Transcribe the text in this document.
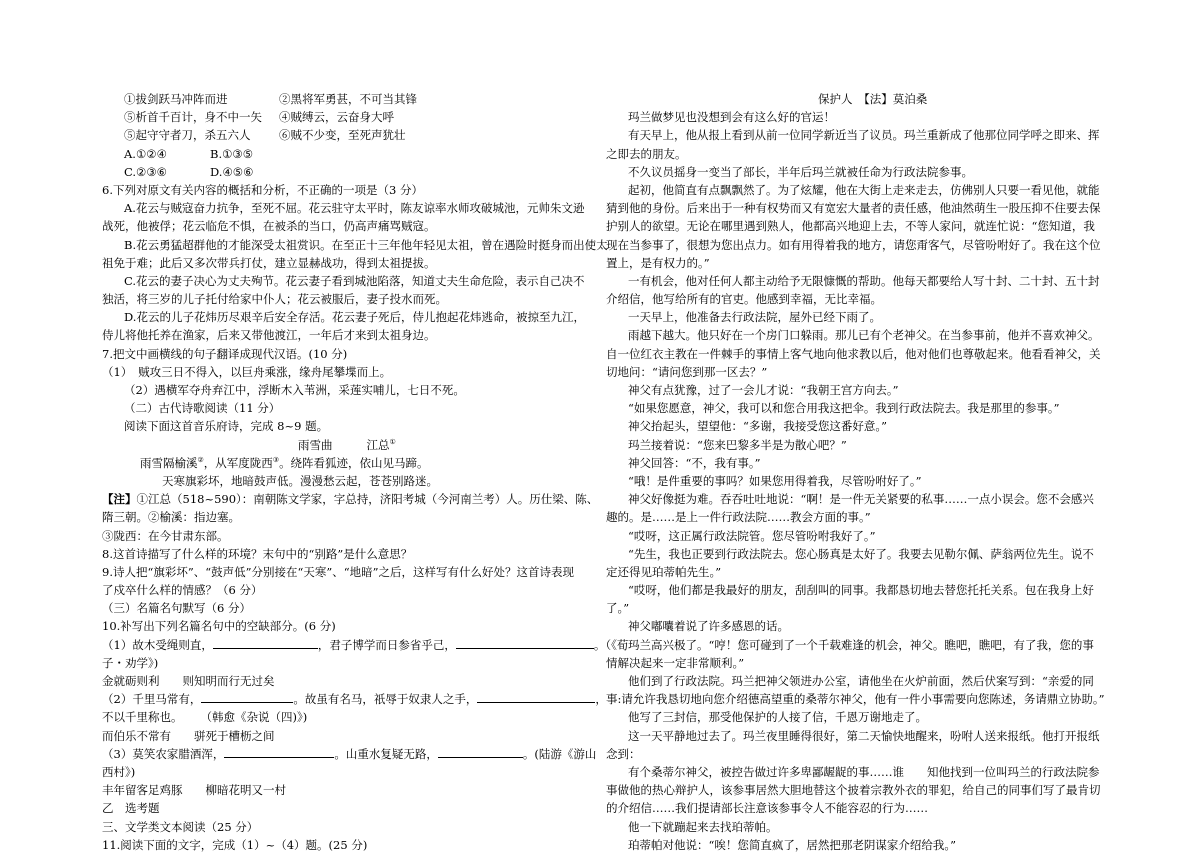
①拔剑跃马冲阵而进	②黑将军勇甚，不可当其锋
⑤析首千百计，身不中一矢	④贼缚云，云奋身大呼
⑤起守守者刀，杀五六人	⑥贼不少变，至死声犹壮
A.①②④	B.①③⑤
C.②③⑥	D.④⑤⑥
6.下列对原文有关内容的概括和分析，不正确的一项是（3 分）
A.花云与贼寇奋力抗争，至死不屈。花云驻守太平时，陈友谅率水师攻破城池，元帅朱文逊
战死，他被俘；花云临危不惧，在被杀的当口，仍高声痛骂贼寇。
B.花云勇猛超群他的才能深受太祖赏识。在至正十三年他年轻见太祖，曾在遇险时挺身而出使太
祖免于难；此后又多次带兵打仗，建立显赫战功，得到太祖提拔。
C.花云的妻子决心为丈夫殉节。花云妻子看到城池陷落，知道丈夫生命危险，表示自己决不
独活，将三岁的儿子托付给家中仆人；花云被服后，妻子投水而死。
D.花云的儿子花炜历尽艰辛后安全存活。花云妻子死后，侍儿抱起花炜逃命，被掠至九江，
侍儿将他托养在渔家，后来又带他渡江，一年后才来到太祖身边。
7.把文中画横线的句子翻译成现代汉语。(10 分)
（1）　贼攻三日不得入，以巨舟乘涨，缘舟尾攀堞而上。
（2）遇横军夺舟弃江中，浮断木入苇洲，采莲实哺儿，七日不死。
（二）古代诗歌阅读（11 分）
阅读下面这首音乐府诗，完成 8~9 题。
雨雪曲	江总①
雨雪隔榆溪②，从军度陇西③。绕阵看狐迹，依山见马蹄。
天寒旗彩坏，地暗鼓声低。漫漫愁云起，苍苍别路迷。
【注】①江总（518~590）：南朝陈文学家，字总持，济阳考城（今河南兰考）人。历仕梁、陈、
隋三朝。②榆溪：指边塞。
③陇西：在今甘肃东部。
8.这首诗描写了什么样的环境？末句中的“别路”是什么意思？
9.诗人把“旗彩坏”、“鼓声低”分别接在“天寒”、“地暗”之后，这样写有什么好处？这首诗表现
了戍卒什么样的情感？（6 分）
（三）名篇名句默写（6 分）
10.补写出下列名篇名句中的空缺部分。(6 分)
（1）故木受绳则直，	，君子博学而日参省乎己，	。（《荀
子・劝学》)
金就砺则利　　则知明而行无过矣
（2）千里马常有，	。故虽有名马，祇辱于奴隶人之手，	，
不以千里称也。 （韩愈《杂说（四)》)
而伯乐不常有　　骈死于槽枥之间
（3）莫笑农家腊酒浑，	。山重水复疑无路，	。(陆游《游山
西村》)
丰年留客足鸡豚　　柳暗花明又一村
乙　选考题
三、文学类文本阅读（25 分）
11.阅读下面的文字，完成（1）~（4）题。(25 分)
保护人　【法】莫泊桑
玛兰做梦见也没想到会有这么好的官运！
有天早上，他从报上看到从前一位同学新近当了议员。玛兰重新成了他那位同学呼之即来、挥
之即去的朋友。
不久议员摇身一变当了部长，半年后玛兰就被任命为行政法院参事。
起初，他简直有点飘飘然了。为了炫耀，他在大街上走来走去，仿佛别人只要一看见他，就能
猜到他的身份。后来出于一种有权势而又有宽宏大量者的责任感，他油然萌生一股压抑不住要去保
护别人的欲望。无论在哪里遇到熟人，他都高兴地迎上去，不等人家问，就连忙说：“您知道，我
现在当参事了，很想为您出点力。如有用得着我的地方，请您甭客气，尽管吩咐好了。我在这个位
置上，是有权力的。”
一有机会，他对任何人都主动给予无限慷慨的帮助。他每天都要给人写十封、二十封、五十封
介绍信，他写给所有的官吏。他感到幸福，无比幸福。
一天早上，他准备去行政法院，屋外已经下雨了。
雨越下越大。他只好在一个房门口躲雨。那儿已有个老神父。在当参事前，他并不喜欢神父。
自一位红衣主教在一件棘手的事情上客气地向他求教以后，他对他们也尊敬起来。他看看神父，关
切地问：“请问您到那一区去？”
神父有点犹豫，过了一会儿才说：“我朝王宫方向去。”
“如果您愿意，神父，我可以和您合用我这把伞。我到行政法院去。我是那里的参事。”
神父抬起头，望望他：“多谢，我接受您这番好意。”
玛兰接着说：“您来巴黎多半是为散心吧？”
神父回答：“不，我有事。”
“哦！是件重要的事吗？如果您用得着我，尽管吩咐好了。”
神父好像挺为难。吞吞吐吐地说：“啊！是一件无关紧要的私事……一点小误会。您不会感兴
趣的。是……是上一件行政法院……教会方面的事。”
“哎呀，这正属行政法院管。您尽管吩咐我好了。”
“先生，我也正要到行政法院去。您心肠真是太好了。我要去见勒尔佩、萨翁两位先生。说不
定还得见珀蒂帕先生。”
“哎呀，他们都是我最好的朋友，刮刮叫的同事。我都恳切地去替您托托关系。包在我身上好
了。”
神父嘟囔着说了许多感恩的话。
玛兰高兴极了。“哼！您可碰到了一个千载难逢的机会，神父。瞧吧，瞧吧，有了我，您的事
情解决起来一定非常顺利。”
他们到了行政法院。玛兰把神父领进办公室，请他坐在火炉前面，然后伏案写到：“亲爱的同
事:请允许我恳切地向您介绍德高望重的桑蒂尔神父，他有一件小事需要向您陈述，务请鼎立协助。”
他写了三封信，那受他保护的人接了信，千恩万谢地走了。
这一天平静地过去了。玛兰夜里睡得很好，第二天愉快地醒来，吩咐人送来报纸。他打开报纸
念到：
有个桑蒂尔神父，被控告做过许多卑鄙龌龊的事……谁　　知他找到一位叫玛兰的行政法院参
事做他的热心辩护人，该参事居然大胆地替这个披着宗教外衣的罪犯，给自己的同事们写了最肯切
的介绍信……我们提请部长注意该参事令人不能容忍的行为……
他一下就蹦起来去找珀蒂帕。
珀蒂帕对他说：“唉！您简直疯了，居然把那老阴谋家介绍给我。”
